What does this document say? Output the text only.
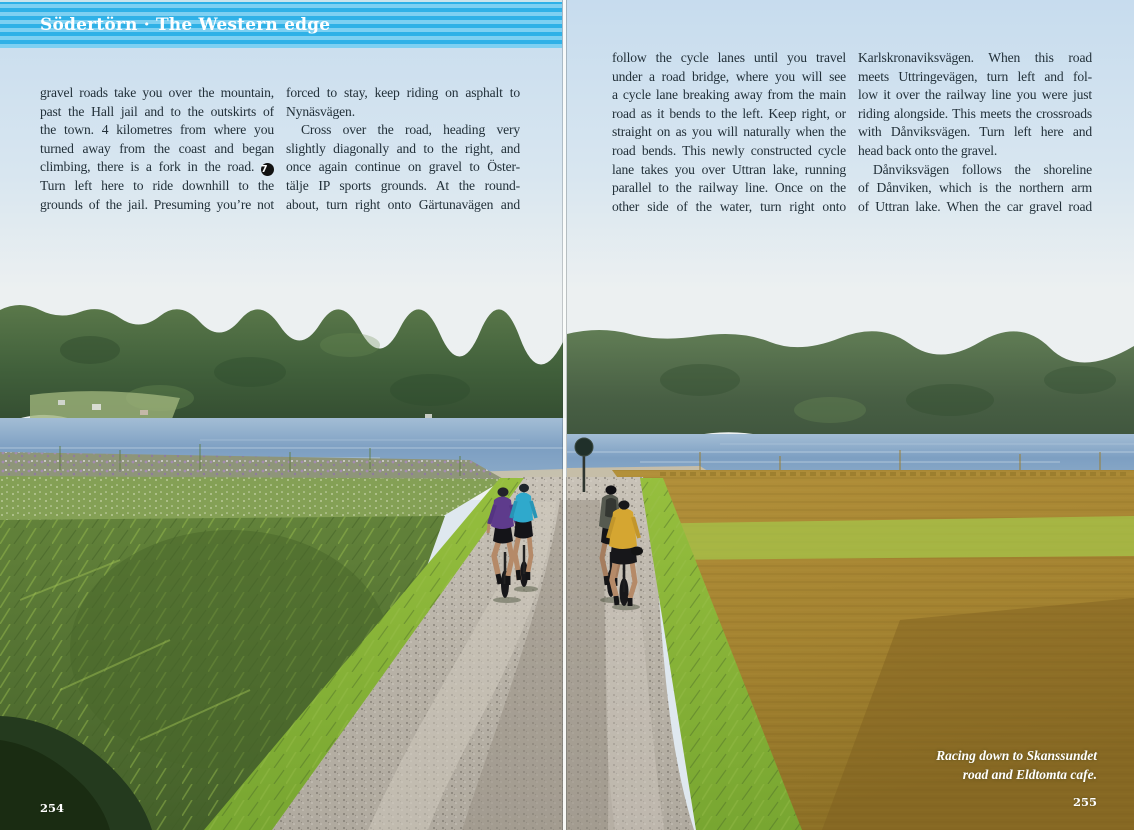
Södertörn · The Western edge
gravel roads take you over the mountain,
past the Hall jail and to the outskirts of
the town. 4 kilometres from where you
turned away from the coast and began
climbing, there is a fork in the road. 7
Turn left here to ride downhill to the
grounds of the jail. Presuming you’re not
forced to stay, keep riding on asphalt to
Nynäsvägen.
Cross over the road, heading very
slightly diagonally and to the right, and
once again continue on gravel to Öster-
tälje IP sports grounds. At the round-
about, turn right onto Gärtunavägen and
follow the cycle lanes until you travel
under a road bridge, where you will see
a cycle lane breaking away from the main
road as it bends to the left. Keep right, or
straight on as you will naturally when the
road bends. This newly constructed cycle
lane takes you over Uttran lake, running
parallel to the railway line. Once on the
other side of the water, turn right onto
Karlskronaviksvägen. When this road
meets Uttringevägen, turn left and fol-
low it over the railway line you were just
riding alongside. This meets the crossroads
with Dånviksvägen. Turn left here and
head back onto the gravel.
Dånviksvägen follows the shoreline
of Dånviken, which is the northern arm
of Uttran lake. When the car gravel road
Racing down to Skanssundet
road and Eldtomta cafe.
254	255
